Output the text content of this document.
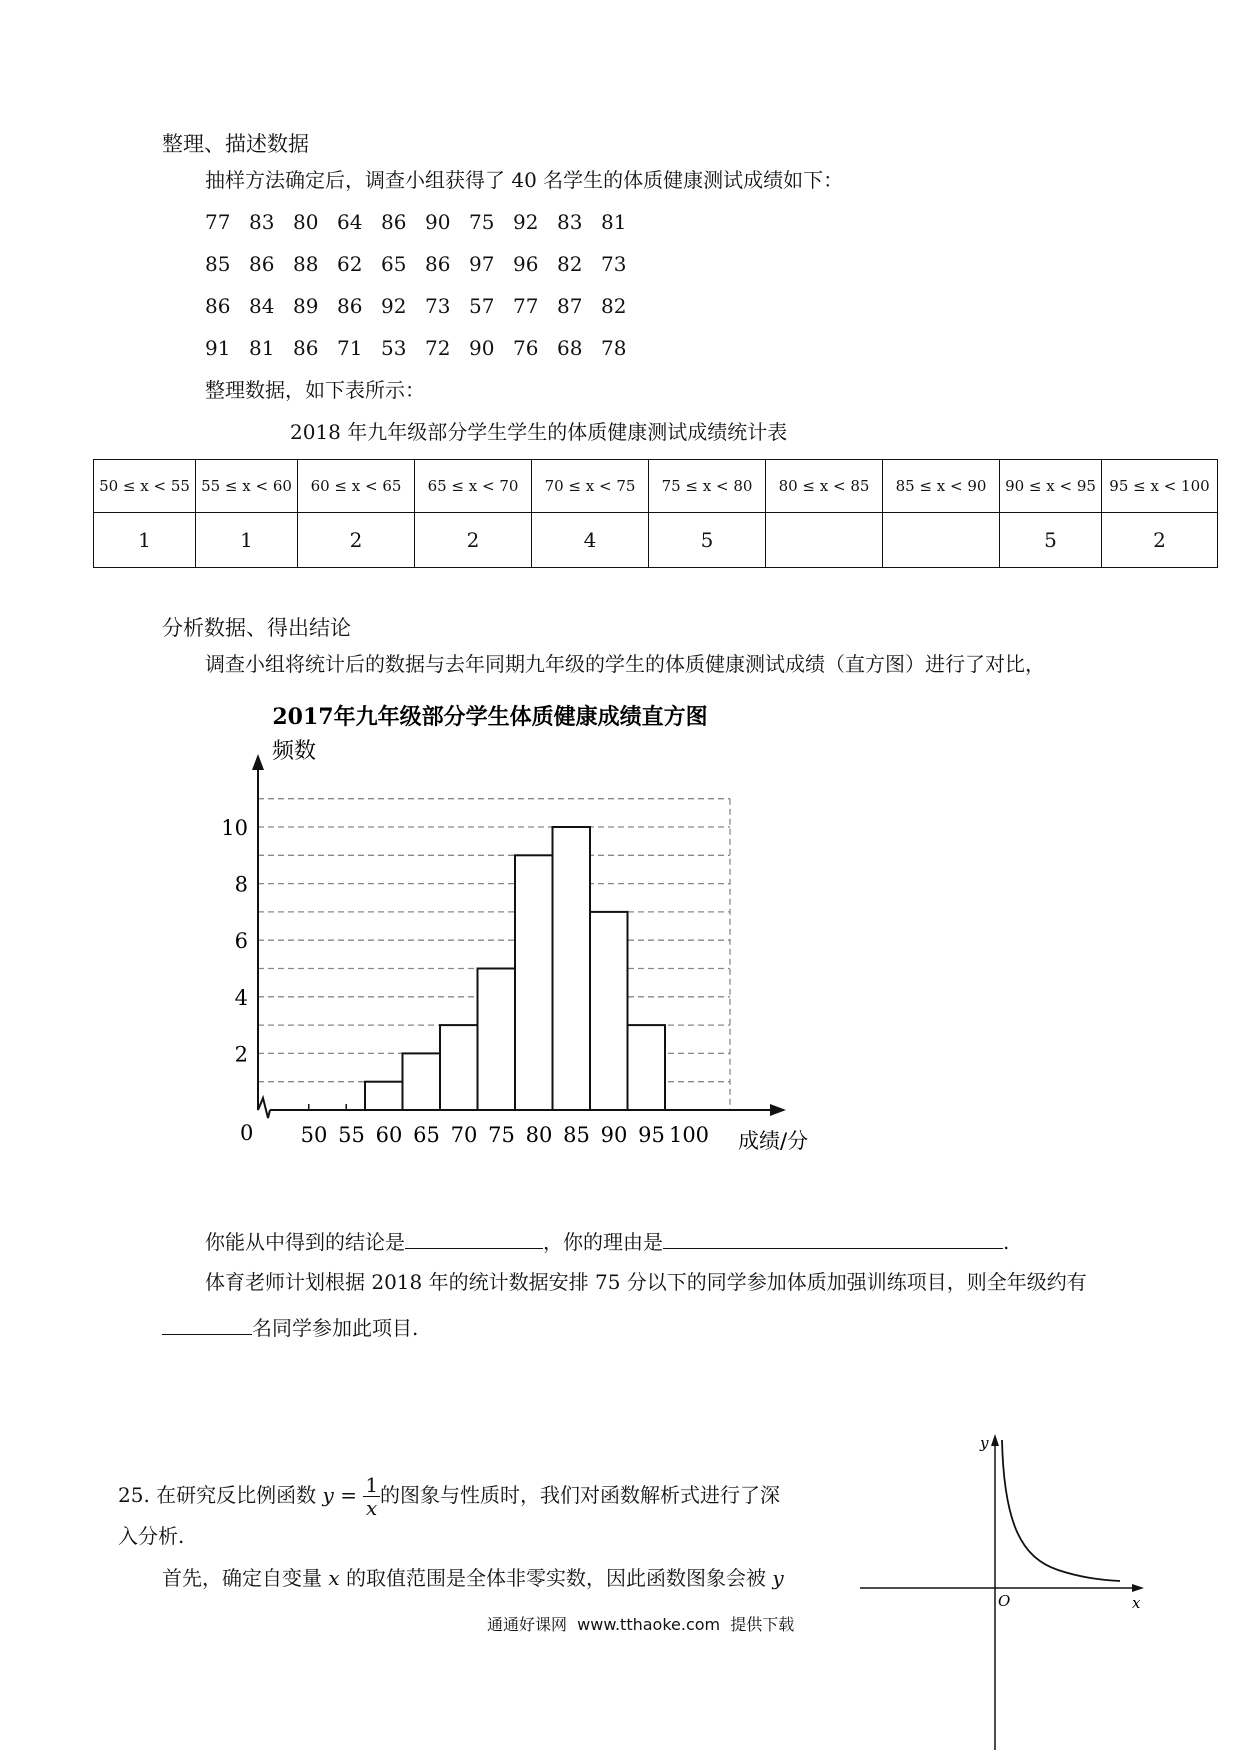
整理、描述数据
抽样方法确定后，调查小组获得了 40 名学生的体质健康测试成绩如下：
77 83 80 64 86 90 75 92 83 81
85 86 88 62 65 86 97 96 82 73
86 84 89 86 92 73 57 77 87 82
91 81 86 71 53 72 90 76 68 78
整理数据，如下表所示：
2018 年九年级部分学生学生的体质健康测试成绩统计表
50 ≤ x < 55	55 ≤ x < 60	60 ≤ x < 65	65 ≤ x < 70	70 ≤ x < 75	75 ≤ x < 80	80 ≤ x < 85	85 ≤ x < 90	90 ≤ x < 95	95 ≤ x < 100
1	1	2	2	4	5			5	2
分析数据、得出结论
调查小组将统计后的数据与去年同期九年级的学生的体质健康测试成绩（直方图）进行了对比，
2017年九年级部分学生体质健康成绩直方图
频数
成绩/分
0
2
4
6
8
10
50 55 60 65 70 75 80 85 90 95 100
你能从中得到的结论是	，你的理由是	.
体育老师计划根据 2018 年的统计数据安排 75 分以下的同学参加体质加强训练项目，则全年级约有
名同学参加此项目.
25. 在研究反比例函数 $y = \frac{1}{x}$ 的图象与性质时，我们对函数解析式进行了深
入分析.
首先，确定自变量 x 的取值范围是全体非零实数，因此函数图象会被 y
y
x
O
通通好课网  www.tthaoke.com  提供下载
